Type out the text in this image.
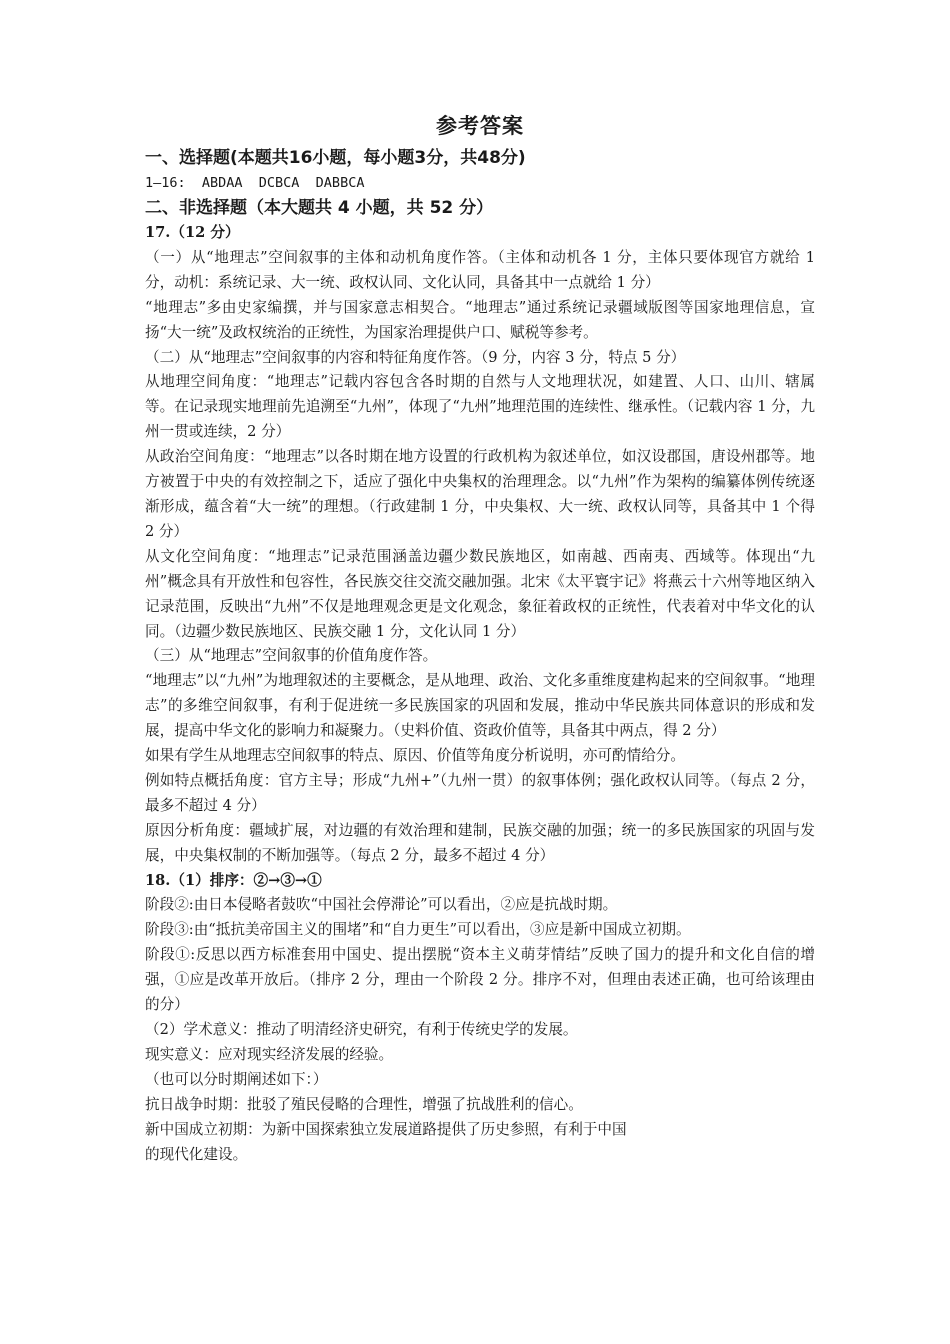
参考答案
一、选择题(本题共16小题，每小题3分，共48分)
1—16:  ABDAA  DCBCA  DABBCA
二、非选择题（本大题共 4 小题，共 52 分）
17.（12 分）
（一）从“地理志”空间叙事的主体和动机角度作答。（主体和动机各 1 分，主体只要体现官方就给 1 分，动机：系统记录、大一统、政权认同、文化认同，具备其中一点就给 1 分）
“地理志”多由史家编撰，并与国家意志相契合。“地理志”通过系统记录疆域版图等国家地理信息，宣扬“大一统”及政权统治的正统性，为国家治理提供户口、赋税等参考。
（二）从“地理志”空间叙事的内容和特征角度作答。（9 分，内容 3 分，特点 5 分）
从地理空间角度：“地理志”记载内容包含各时期的自然与人文地理状况，如建置、人口、山川、辖属等。在记录现实地理前先追溯至“九州”，体现了“九州”地理范围的连续性、继承性。（记载内容 1 分，九州一贯或连续，2 分）
从政治空间角度：“地理志”以各时期在地方设置的行政机构为叙述单位，如汉设郡国，唐设州郡等。地方被置于中央的有效控制之下，适应了强化中央集权的治理理念。以“九州”作为架构的编纂体例传统逐渐形成，蕴含着“大一统”的理想。（行政建制 1 分，中央集权、大一统、政权认同等，具备其中 1 个得 2 分）
从文化空间角度：“地理志”记录范围涵盖边疆少数民族地区，如南越、西南夷、西域等。体现出“九州”概念具有开放性和包容性，各民族交往交流交融加强。北宋《太平寰宇记》将燕云十六州等地区纳入记录范围，反映出“九州”不仅是地理观念更是文化观念，象征着政权的正统性，代表着对中华文化的认同。（边疆少数民族地区、民族交融 1 分，文化认同 1 分）
（三）从“地理志”空间叙事的价值角度作答。
“地理志”以“九州”为地理叙述的主要概念，是从地理、政治、文化多重维度建构起来的空间叙事。“地理志”的多维空间叙事，有利于促进统一多民族国家的巩固和发展，推动中华民族共同体意识的形成和发展，提高中华文化的影响力和凝聚力。（史料价值、资政价值等，具备其中两点，得 2 分）
如果有学生从地理志空间叙事的特点、原因、价值等角度分析说明，亦可酌情给分。
例如特点概括角度：官方主导；形成“九州+”（九州一贯）的叙事体例；强化政权认同等。（每点 2 分，最多不超过 4 分）
原因分析角度：疆域扩展，对边疆的有效治理和建制，民族交融的加强；统一的多民族国家的巩固与发展，中央集权制的不断加强等。（每点 2 分，最多不超过 4 分）
18.（1）排序：②→③→①
阶段②:由日本侵略者鼓吹“中国社会停滞论”可以看出，②应是抗战时期。
阶段③:由“抵抗美帝国主义的围堵”和“自力更生”可以看出，③应是新中国成立初期。
阶段①:反思以西方标准套用中国史、提出摆脱“资本主义萌芽情结”反映了国力的提升和文化自信的增强，①应是改革开放后。（排序 2 分，理由一个阶段 2 分。排序不对，但理由表述正确，也可给该理由的分）
（2）学术意义：推动了明清经济史研究，有利于传统史学的发展。
现实意义：应对现实经济发展的经验。
（也可以分时期阐述如下：）
抗日战争时期：批驳了殖民侵略的合理性，增强了抗战胜利的信心。
新中国成立初期：为新中国探索独立发展道路提供了历史参照，有利于中国
的现代化建设。
